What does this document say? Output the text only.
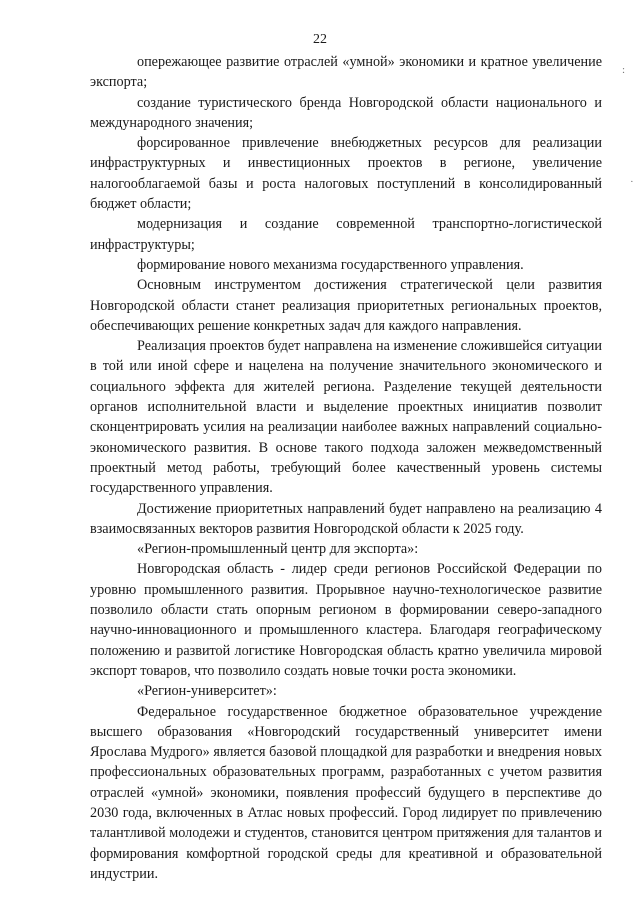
22
:
·

опережающее развитие отраслей «умной» экономики и кратное увеличение экспорта;

создание туристического бренда Новгородской области национального и международного значения;

форсированное привлечение внебюджетных ресурсов для реализации инфраструктурных и инвестиционных проектов в регионе, увеличение налогооблагаемой базы и роста налоговых поступлений в консолидированный бюджет области;

модернизация и создание современной транспортно-логистической инфраструктуры;

формирование нового механизма государственного управления.

Основным инструментом достижения стратегической цели развития Новгородской области станет реализация приоритетных региональных проектов, обеспечивающих решение конкретных задач для каждого направления.

Реализация проектов будет направлена на изменение сложившейся ситуации в той или иной сфере и нацелена на получение значительного экономического и социального эффекта для жителей региона. Разделение текущей деятельности органов исполнительной власти и выделение проектных инициатив позволит сконцентрировать усилия на реализации наиболее важных направлений социально-экономического развития. В основе такого подхода заложен межведомственный проектный метод работы, требующий более качественный уровень системы государственного управления.

Достижение приоритетных направлений будет направлено на реализацию 4 взаимосвязанных векторов развития Новгородской области к 2025 году.

«Регион-промышленный центр для экспорта»:

Новгородская область - лидер среди регионов Российской Федерации по уровню промышленного развития. Прорывное научно-технологическое развитие позволило области стать опорным регионом в формировании северо-западного научно-инновационного и промышленного кластера. Благодаря географическому положению и развитой логистике Новгородская область кратно увеличила мировой экспорт товаров, что позволило создать новые точки роста экономики.

«Регион-университет»:

Федеральное государственное бюджетное образовательное учреждение высшего образования «Новгородский государственный университет имени Ярослава Мудрого» является базовой площадкой для разработки и внедрения новых профессиональных образовательных программ, разработанных с учетом развития отраслей «умной» экономики, появления профессий будущего в перспективе до 2030 года, включенных в Атлас новых профессий. Город лидирует по привлечению талантливой молодежи и студентов, становится центром притяжения для талантов и формирования комфортной городской среды для креативной и образовательной индустрии.
